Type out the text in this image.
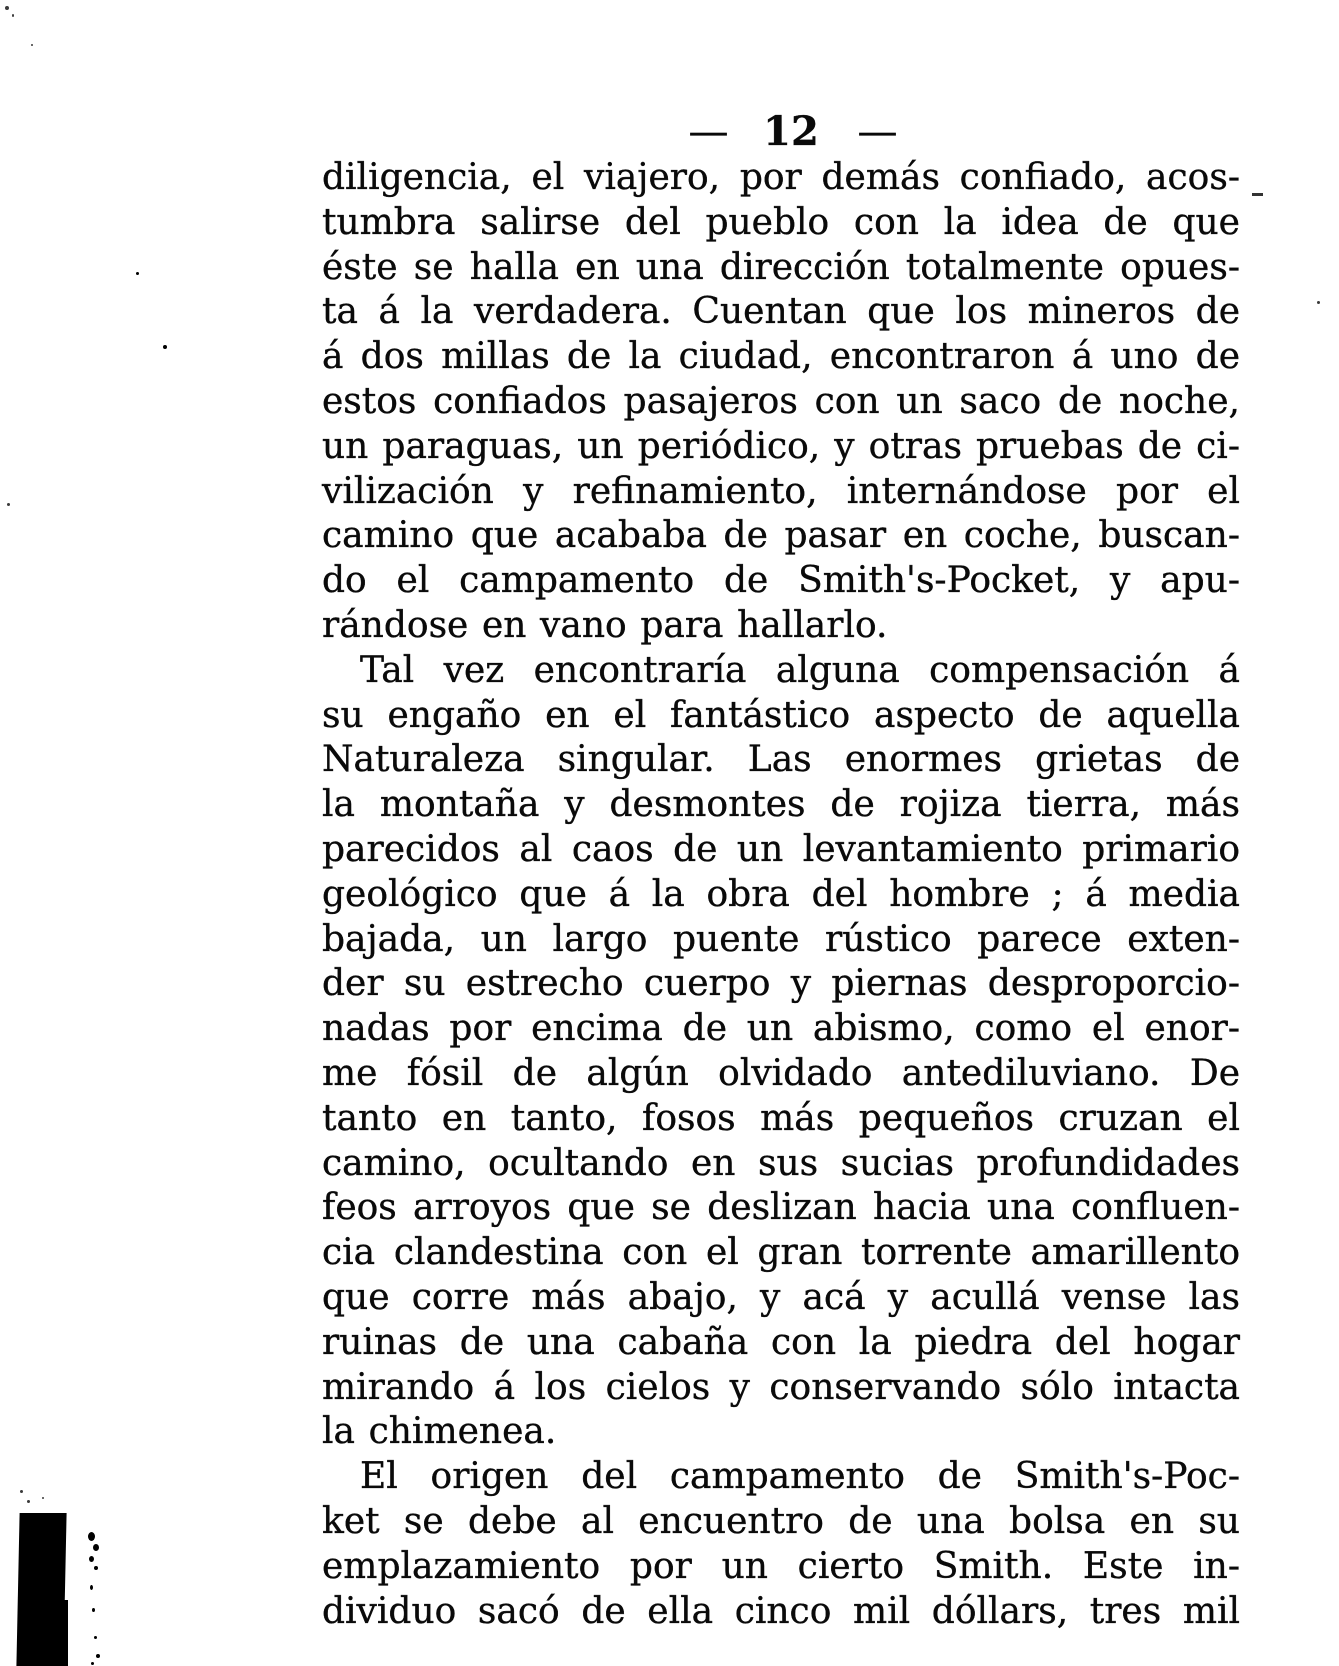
— 12 —
diligencia, el viajero, por demás confiado, acos-
tumbra salirse del pueblo con la idea de que
éste se halla en una dirección totalmente opues-
ta á la verdadera. Cuentan que los mineros de
á dos millas de la ciudad, encontraron á uno de
estos confiados pasajeros con un saco de noche,
un paraguas, un periódico, y otras pruebas de ci-
vilización y refinamiento, internándose por el
camino que acababa de pasar en coche, buscan-
do el campamento de Smith's-Pocket, y apu-
rándose en vano para hallarlo.
Tal vez encontraría alguna compensación á
su engaño en el fantástico aspecto de aquella
Naturaleza singular. Las enormes grietas de
la montaña y desmontes de rojiza tierra, más
parecidos al caos de un levantamiento primario
geológico que á la obra del hombre ; á media
bajada, un largo puente rústico parece exten-
der su estrecho cuerpo y piernas desproporcio-
nadas por encima de un abismo, como el enor-
me fósil de algún olvidado antediluviano. De
tanto en tanto, fosos más pequeños cruzan el
camino, ocultando en sus sucias profundidades
feos arroyos que se deslizan hacia una confluen-
cia clandestina con el gran torrente amarillento
que corre más abajo, y acá y acullá vense las
ruinas de una cabaña con la piedra del hogar
mirando á los cielos y conservando sólo intacta
la chimenea.
El origen del campamento de Smith's-Poc-
ket se debe al encuentro de una bolsa en su
emplazamiento por un cierto Smith. Este in-
dividuo sacó de ella cinco mil dóllars, tres mil
